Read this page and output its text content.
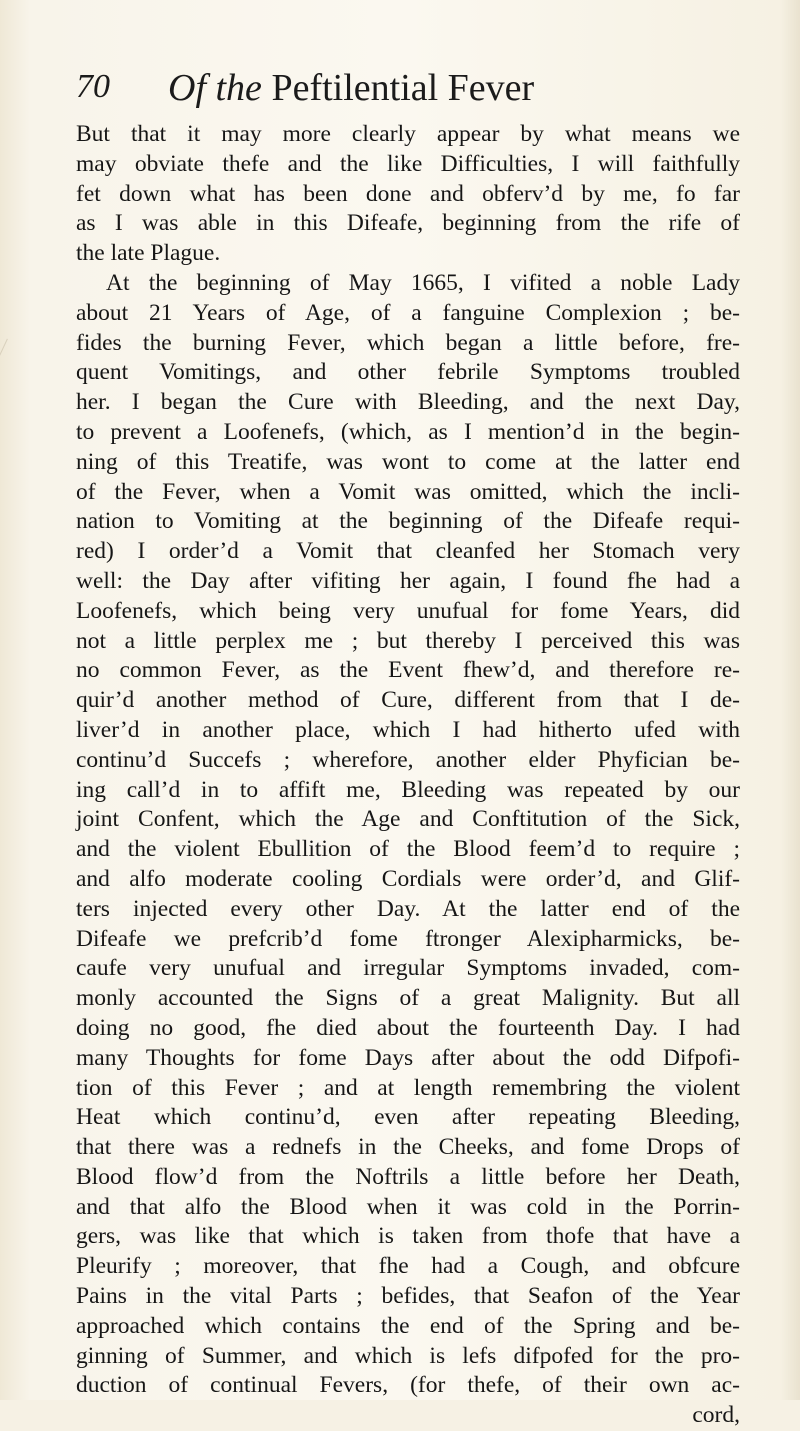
70 Of the Peftilential Fever
But that it may more clearly appear by what means we
may obviate thefe and the like Difficulties, I will faithfully
fet down what has been done and obferv’d by me, fo far
as I was able in this Difeafe, beginning from the rife of
the late Plague.
At the beginning of May 1665, I vifited a noble Lady
about 21 Years of Age, of a fanguine Complexion ; be-
fides the burning Fever, which began a little before, fre-
quent Vomitings, and other febrile Symptoms troubled
her. I began the Cure with Bleeding, and the next Day,
to prevent a Loofenefs, (which, as I mention’d in the begin-
ning of this Treatife, was wont to come at the latter end
of the Fever, when a Vomit was omitted, which the incli-
nation to Vomiting at the beginning of the Difeafe requi-
red) I order’d a Vomit that cleanfed her Stomach very
well: the Day after vifiting her again, I found fhe had a
Loofenefs, which being very unufual for fome Years, did
not a little perplex me ; but thereby I perceived this was
no common Fever, as the Event fhew’d, and therefore re-
quir’d another method of Cure, different from that I de-
liver’d in another place, which I had hitherto ufed with
continu’d Succefs ; wherefore, another elder Phyfician be-
ing call’d in to affift me, Bleeding was repeated by our
joint Confent, which the Age and Conftitution of the Sick,
and the violent Ebullition of the Blood feem’d to require ;
and alfo moderate cooling Cordials were order’d, and Glif-
ters injected every other Day. At the latter end of the
Difeafe we prefcrib’d fome ftronger Alexipharmicks, be-
caufe very unufual and irregular Symptoms invaded, com-
monly accounted the Signs of a great Malignity. But all
doing no good, fhe died about the fourteenth Day. I had
many Thoughts for fome Days after about the odd Difpofi-
tion of this Fever ; and at length remembring the violent
Heat which continu’d, even after repeating Bleeding,
that there was a rednefs in the Cheeks, and fome Drops of
Blood flow’d from the Noftrils a little before her Death,
and that alfo the Blood when it was cold in the Porrin-
gers, was like that which is taken from thofe that have a
Pleurify ; moreover, that fhe had a Cough, and obfcure
Pains in the vital Parts ; befides, that Seafon of the Year
approached which contains the end of the Spring and be-
ginning of Summer, and which is lefs difpofed for the pro-
duction of continual Fevers, (for thefe, of their own ac-
cord,
